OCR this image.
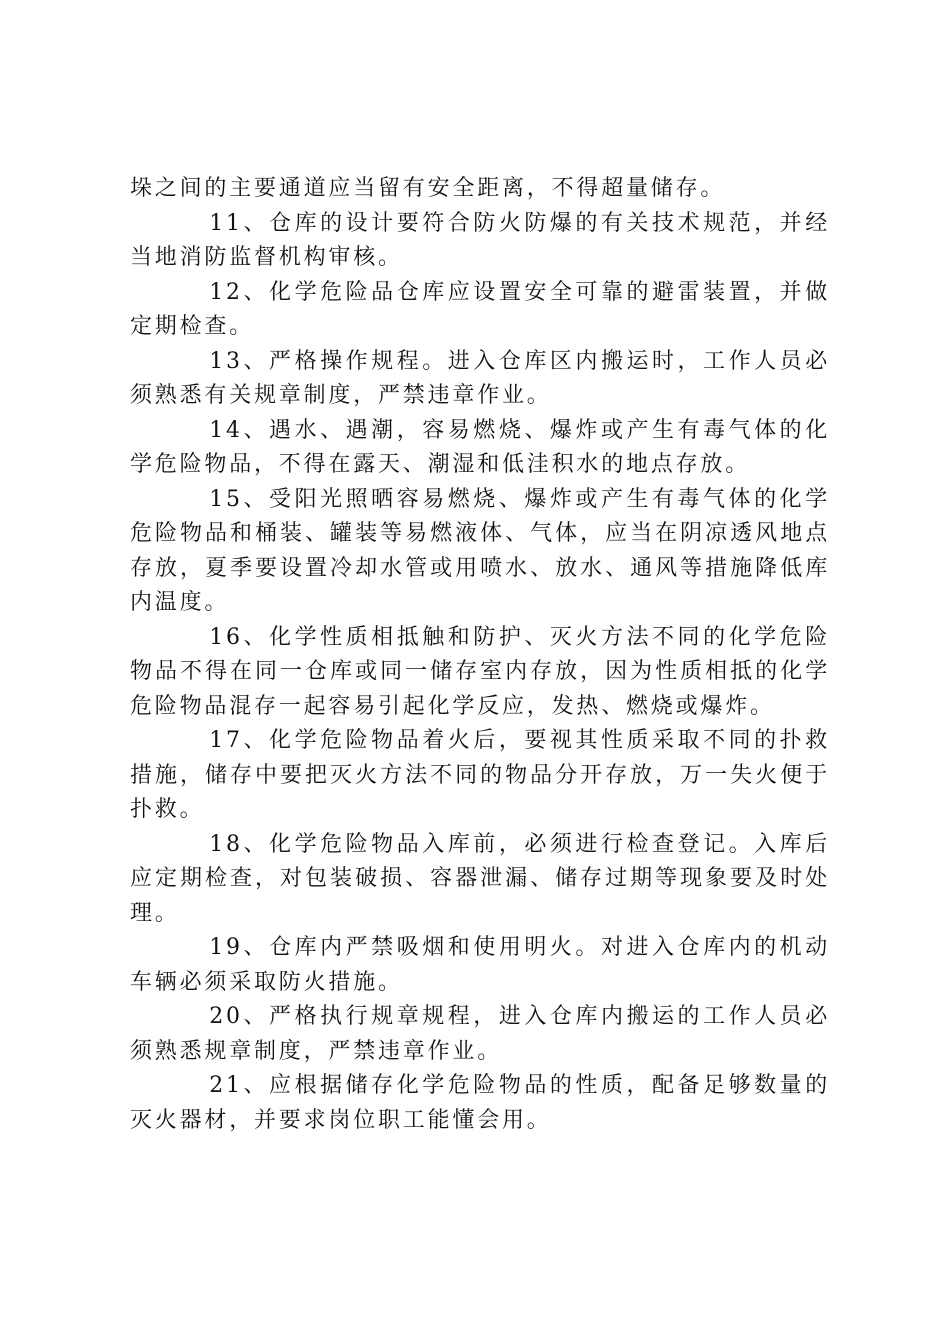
垛之间的主要通道应当留有安全距离，不得超量储存。

11、仓库的设计要符合防火防爆的有关技术规范，并经当地消防监督机构审核。

12、化学危险品仓库应设置安全可靠的避雷装置，并做定期检查。

13、严格操作规程。进入仓库区内搬运时，工作人员必须熟悉有关规章制度，严禁违章作业。

14、遇水、遇潮，容易燃烧、爆炸或产生有毒气体的化学危险物品，不得在露天、潮湿和低洼积水的地点存放。

15、受阳光照晒容易燃烧、爆炸或产生有毒气体的化学危险物品和桶装、罐装等易燃液体、气体，应当在阴凉透风地点存放，夏季要设置冷却水管或用喷水、放水、通风等措施降低库内温度。

16、化学性质相抵触和防护、灭火方法不同的化学危险物品不得在同一仓库或同一储存室内存放，因为性质相抵的化学危险物品混存一起容易引起化学反应，发热、燃烧或爆炸。

17、化学危险物品着火后，要视其性质采取不同的扑救措施，储存中要把灭火方法不同的物品分开存放，万一失火便于扑救。

18、化学危险物品入库前，必须进行检查登记。入库后应定期检查，对包装破损、容器泄漏、储存过期等现象要及时处理。

19、仓库内严禁吸烟和使用明火。对进入仓库内的机动车辆必须采取防火措施。

20、严格执行规章规程，进入仓库内搬运的工作人员必须熟悉规章制度，严禁违章作业。

21、应根据储存化学危险物品的性质，配备足够数量的灭火器材，并要求岗位职工能懂会用。
